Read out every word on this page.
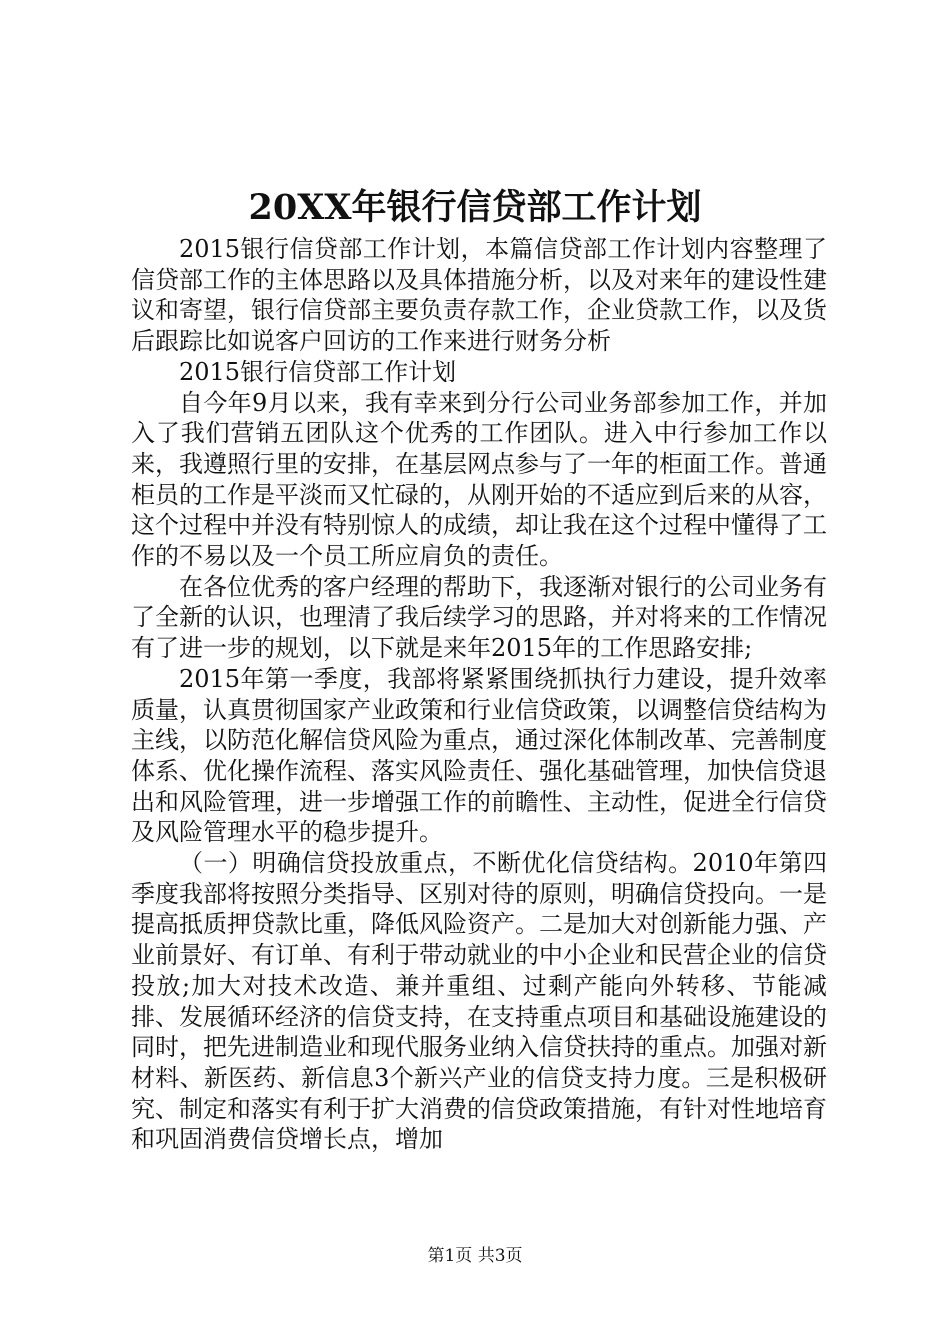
20XX年银行信贷部工作计划

2015银行信贷部工作计划，本篇信贷部工作计划内容整理了信贷部工作的主体思路以及具体措施分析，以及对来年的建设性建议和寄望，银行信贷部主要负责存款工作，企业贷款工作，以及货后跟踪比如说客户回访的工作来进行财务分析

2015银行信贷部工作计划

自今年9月以来，我有幸来到分行公司业务部参加工作，并加入了我们营销五团队这个优秀的工作团队。进入中行参加工作以来，我遵照行里的安排，在基层网点参与了一年的柜面工作。普通柜员的工作是平淡而又忙碌的，从刚开始的不适应到后来的从容，这个过程中并没有特别惊人的成绩，却让我在这个过程中懂得了工作的不易以及一个员工所应肩负的责任。

在各位优秀的客户经理的帮助下，我逐渐对银行的公司业务有了全新的认识，也理清了我后续学习的思路，并对将来的工作情况有了进一步的规划，以下就是来年2015年的工作思路安排;

2015年第一季度，我部将紧紧围绕抓执行力建设，提升效率质量，认真贯彻国家产业政策和行业信贷政策，以调整信贷结构为主线，以防范化解信贷风险为重点，通过深化体制改革、完善制度体系、优化操作流程、落实风险责任、强化基础管理，加快信贷退出和风险管理，进一步增强工作的前瞻性、主动性，促进全行信贷及风险管理水平的稳步提升。

（一）明确信贷投放重点，不断优化信贷结构。2010年第四季度我部将按照分类指导、区别对待的原则，明确信贷投向。一是提高抵质押贷款比重，降低风险资产。二是加大对创新能力强、产业前景好、有订单、有利于带动就业的中小企业和民营企业的信贷投放;加大对技术改造、兼并重组、过剩产能向外转移、节能减排、发展循环经济的信贷支持，在支持重点项目和基础设施建设的同时，把先进制造业和现代服务业纳入信贷扶持的重点。加强对新材料、新医药、新信息3个新兴产业的信贷支持力度。三是积极研究、制定和落实有利于扩大消费的信贷政策措施，有针对性地培育和巩固消费信贷增长点，增加

第1页 共3页
